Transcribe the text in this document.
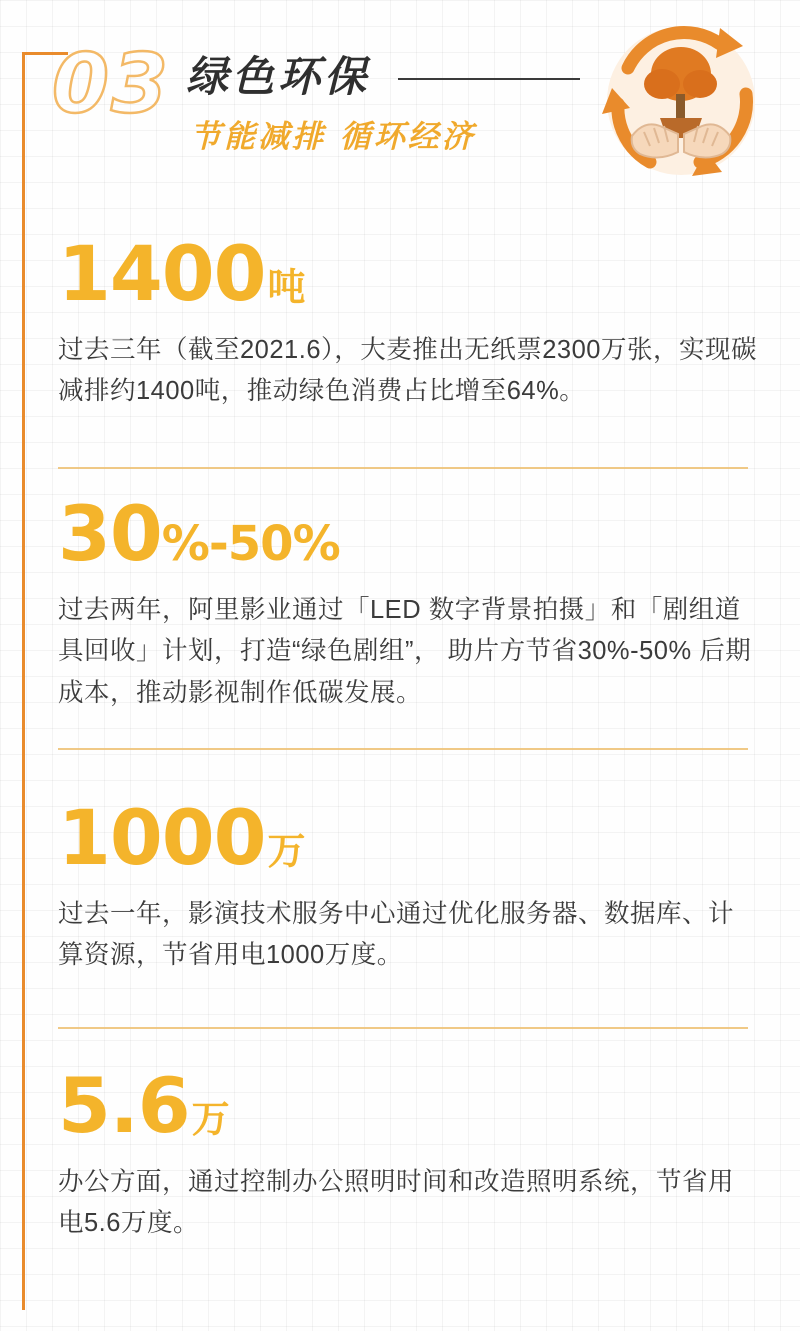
03 绿色环保
节能减排 循环经济
1400吨
过去三年（截至2021.6），大麦推出无纸票2300万张，实现碳减排约1400吨，推动绿色消费占比增至64%。
30%-50%
过去两年，阿里影业通过「LED 数字背景拍摄」和「剧组道具回收」计划，打造“绿色剧组”， 助片方节省30%-50% 后期成本，推动影视制作低碳发展。
1000万
过去一年，影演技术服务中心通过优化服务器、数据库、计算资源，节省用电1000万度。
5.6万
办公方面，通过控制办公照明时间和改造照明系统，节省用电5.6万度。
